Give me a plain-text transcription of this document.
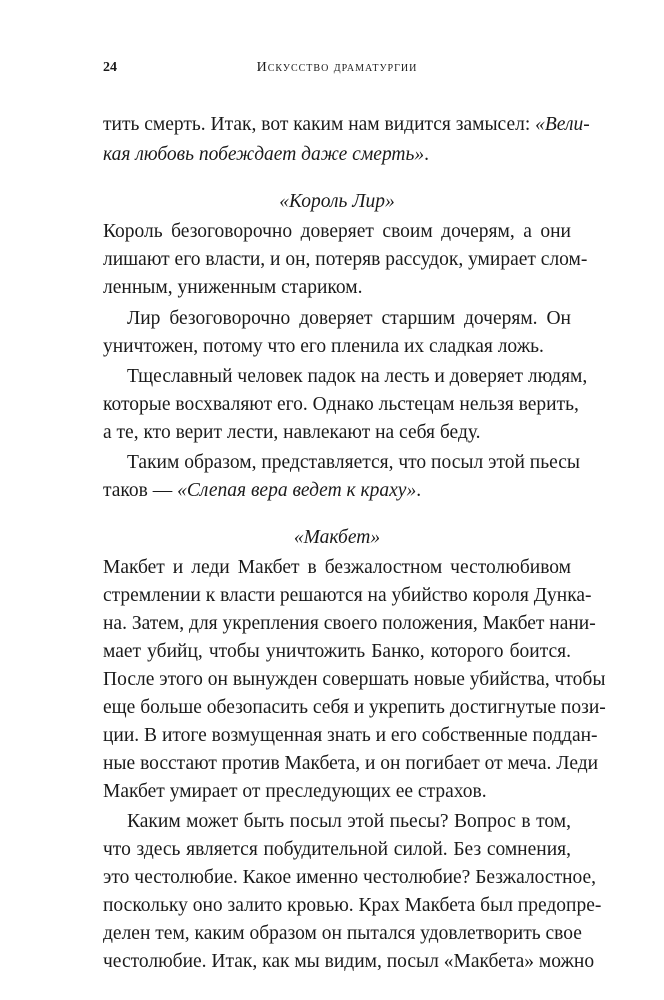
24	Искусство драматургии
тить смерть. Итак, вот каким нам видится замысел: «Вели-
кая любовь побеждает даже смерть».
«Король Лир»
Король безоговорочно доверяет своим дочерям, а они
лишают его власти, и он, потеряв рассудок, умирает слом-
ленным, униженным стариком.
Лир безоговорочно доверяет старшим дочерям. Он
уничтожен, потому что его пленила их сладкая ложь.
Тщеславный человек падок на лесть и доверяет людям,
которые восхваляют его. Однако льстецам нельзя верить,
а те, кто верит лести, навлекают на себя беду.
Таким образом, представляется, что посыл этой пьесы
таков — «Слепая вера ведет к краху».
«Макбет»
Макбет и леди Макбет в безжалостном честолюбивом
стремлении к власти решаются на убийство короля Дунка-
на. Затем, для укрепления своего положения, Макбет нани-
мает убийц, чтобы уничтожить Банко, которого боится.
После этого он вынужден совершать новые убийства, чтобы
еще больше обезопасить себя и укрепить достигнутые пози-
ции. В итоге возмущенная знать и его собственные поддан-
ные восстают против Макбета, и он погибает от меча. Леди
Макбет умирает от преследующих ее страхов.
Каким может быть посыл этой пьесы? Вопрос в том,
что здесь является побудительной силой. Без сомнения,
это честолюбие. Какое именно честолюбие? Безжалостное,
поскольку оно залито кровью. Крах Макбета был предопре-
делен тем, каким образом он пытался удовлетворить свое
честолюбие. Итак, как мы видим, посыл «Макбета» можно
